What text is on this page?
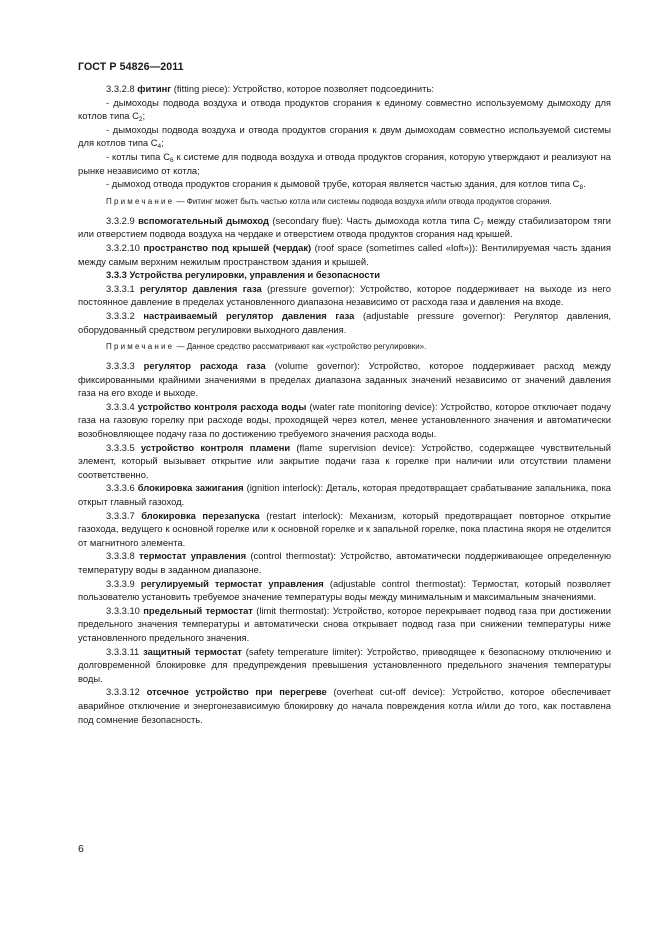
ГОСТ Р 54826—2011

3.3.2.8 фитинг (fitting piece): Устройство, которое позволяет подсоединить:

- дымоходы подвода воздуха и отвода продуктов сгорания к единому совместно используемому дымоходу для котлов типа $С_2$;

- дымоходы подвода воздуха и отвода продуктов сгорания к двум дымоходам совместно используемой системы для котлов типа $С_4$;

- котлы типа $С_6$ к системе для подвода воздуха и отвода продуктов сгорания, которую утверждают и реализуют на рынке независимо от котла;

- дымоход отвода продуктов сгорания к дымовой трубе, которая является частью здания, для котлов типа $С_8$.

Примечание — Фитинг может быть частью котла или системы подвода воздуха и/или отвода продуктов сгорания.

3.3.2.9 вспомогательный дымоход (secondary flue): Часть дымохода котла типа $С_7$ между стабилизатором тяги или отверстием подвода воздуха на чердаке и отверстием отвода продуктов сгорания над крышей.

3.3.2.10 пространство под крышей (чердак) (roof space (sometimes called «loft»)): Вентилируемая часть здания между самым верхним нежилым пространством здания и крышей.

3.3.3 Устройства регулировки, управления и безопасности

3.3.3.1 регулятор давления газа (pressure governor): Устройство, которое поддерживает на выходе из него постоянное давление в пределах установленного диапазона независимо от расхода газа и давления на входе.

3.3.3.2 настраиваемый регулятор давления газа (adjustable pressure governor): Регулятор давления, оборудованный средством регулировки выходного давления.

Примечание — Данное средство рассматривают как «устройство регулировки».

3.3.3.3 регулятор расхода газа (volume governor): Устройство, которое поддерживает расход между фиксированными крайними значениями в пределах диапазона заданных значений независимо от значений давления газа на его входе и выходе.

3.3.3.4 устройство контроля расхода воды (water rate monitoring device): Устройство, которое отключает подачу газа на газовую горелку при расходе воды, проходящей через котел, менее установленного значения и автоматически возобновляющее подачу газа по достижению требуемого значения расхода воды.

3.3.3.5 устройство контроля пламени (flame supervision device): Устройство, содержащее чувствительный элемент, который вызывает открытие или закрытие подачи газа к горелке при наличии или отсутствии пламени соответственно.

3.3.3.6 блокировка зажигания (ignition interlock): Деталь, которая предотвращает срабатывание запальника, пока открыт главный газоход.

3.3.3.7 блокировка перезапуска (restart interlock): Механизм, который предотвращает повторное открытие газохода, ведущего к основной горелке или к основной горелке и к запальной горелке, пока пластина якоря не отделится от магнитного элемента.

3.3.3.8 термостат управления (control thermostat): Устройство, автоматически поддерживающее определенную температуру воды в заданном диапазоне.

3.3.3.9 регулируемый термостат управления (adjustable control thermostat): Термостат, который позволяет пользователю установить требуемое значение температуры воды между минимальным и максимальным значениями.

3.3.3.10 предельный термостат (limit thermostat): Устройство, которое перекрывает подвод газа при достижении предельного значения температуры и автоматически снова открывает подвод газа при снижении температуры ниже установленного предельного значения.

3.3.3.11 защитный термостат (safety temperature limiter): Устройство, приводящее к безопасному отключению и долговременной блокировке для предупреждения превышения установленного предельного значения температуры воды.

3.3.3.12 отсечное устройство при перегреве (overheat cut-off device): Устройство, которое обеспечивает аварийное отключение и энергонезависимую блокировку до начала повреждения котла и/или до того, как поставлена под сомнение безопасность.

6
